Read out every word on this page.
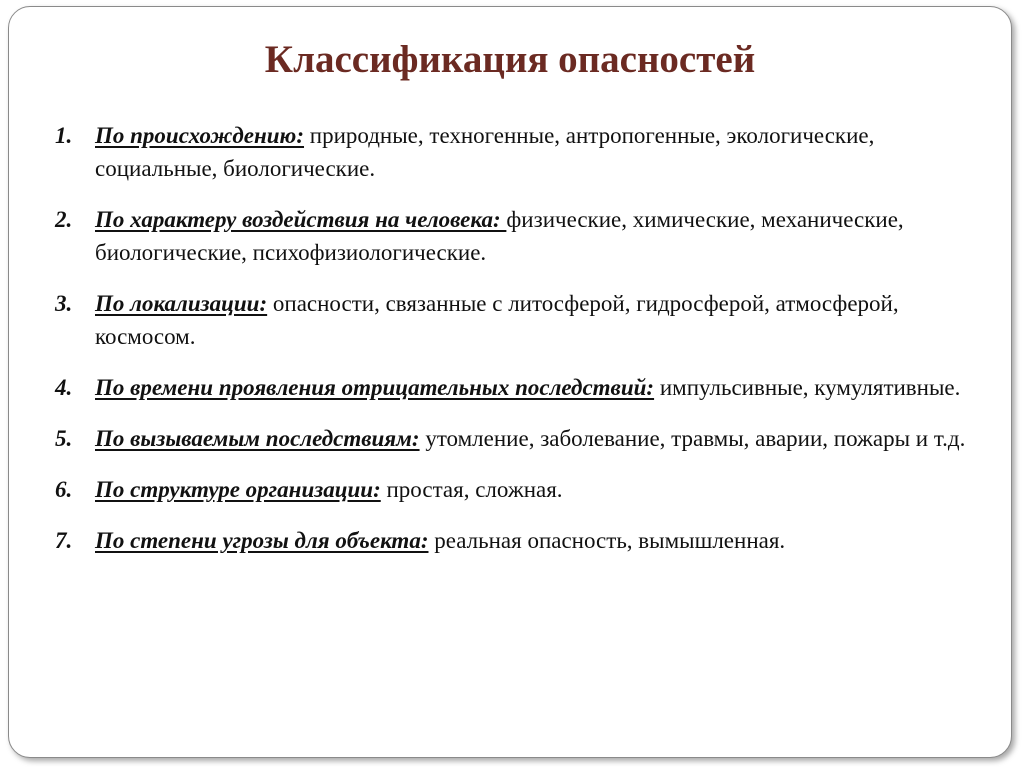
Классификация опасностей
1. По происхождению: природные, техногенные, антропогенные, экологические, социальные, биологические.
2. По характеру воздействия на человека: физические, химические, механические, биологические, психофизиологические.
3. По локализации: опасности, связанные с литосферой, гидросферой, атмосферой, космосом.
4. По времени проявления отрицательных последствий: импульсивные, кумулятивные.
5. По вызываемым последствиям: утомление, заболевание, травмы, аварии, пожары и т.д.
6. По структуре организации: простая, сложная.
7. По степени угрозы для объекта: реальная опасность, вымышленная.
